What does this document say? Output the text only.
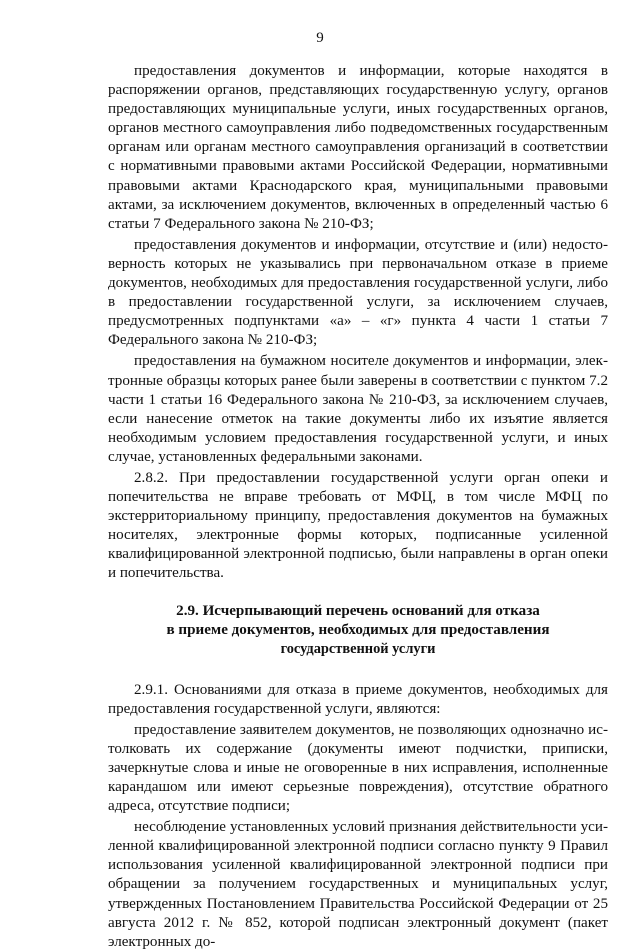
9

предоставления документов и информации, которые находятся в распоряжении органов, представляющих государственную услугу, органов предоставляющих муниципальные услуги, иных государственных органов, органов местного самоуправления либо подведомственных государственным органам или органам местного самоуправления организаций в соответствии с нормативными правовыми актами Российской Федерации, нормативными правовыми актами Краснодарского края, муниципальными правовыми актами, за исключением документов, включенных в определенный частью 6 статьи 7 Федерального закона № 210-ФЗ;

предоставления документов и информации, отсутствие и (или) недостоверность которых не указывались при первоначальном отказе в приеме документов, необходимых для предоставления государственной услуги, либо в предоставлении государственной услуги, за исключением случаев, предусмотренных подпунктами «а» – «г» пункта 4 части 1 статьи 7 Федерального закона № 210-ФЗ;

предоставления на бумажном носителе документов и информации, электронные образцы которых ранее были заверены в соответствии с пунктом 7.2 части 1 статьи 16 Федерального закона № 210-ФЗ, за исключением случаев, если нанесение отметок на такие документы либо их изъятие является необходимым условием предоставления государственной услуги, и иных случае, установленных федеральными законами.

2.8.2. При предоставлении государственной услуги орган опеки и попечительства не вправе требовать от МФЦ, в том числе МФЦ по экстерриториальному принципу, предоставления документов на бумажных носителях, электронные формы которых, подписанные усиленной квалифицированной электронной подписью, были направлены в орган опеки и попечительства.

2.9. Исчерпывающий перечень оснований для отказа
в приеме документов, необходимых для предоставления
государственной услуги

2.9.1. Основаниями для отказа в приеме документов, необходимых для предоставления государственной услуги, являются:

предоставление заявителем документов, не позволяющих однозначно истолковать их содержание (документы имеют подчистки, приписки, зачеркнутые слова и иные не оговоренные в них исправления, исполненные карандашом или имеют серьезные повреждения), отсутствие обратного адреса, отсутствие подписи;

несоблюдение установленных условий признания действительности усиленной квалифицированной электронной подписи согласно пункту 9 Правил использования усиленной квалифицированной электронной подписи при обращении за получением государственных и муниципальных услуг, утвержденных Постановлением Правительства Российской Федерации от 25 августа 2012 г. № 852, которой подписан электронный документ (пакет электронных до-
